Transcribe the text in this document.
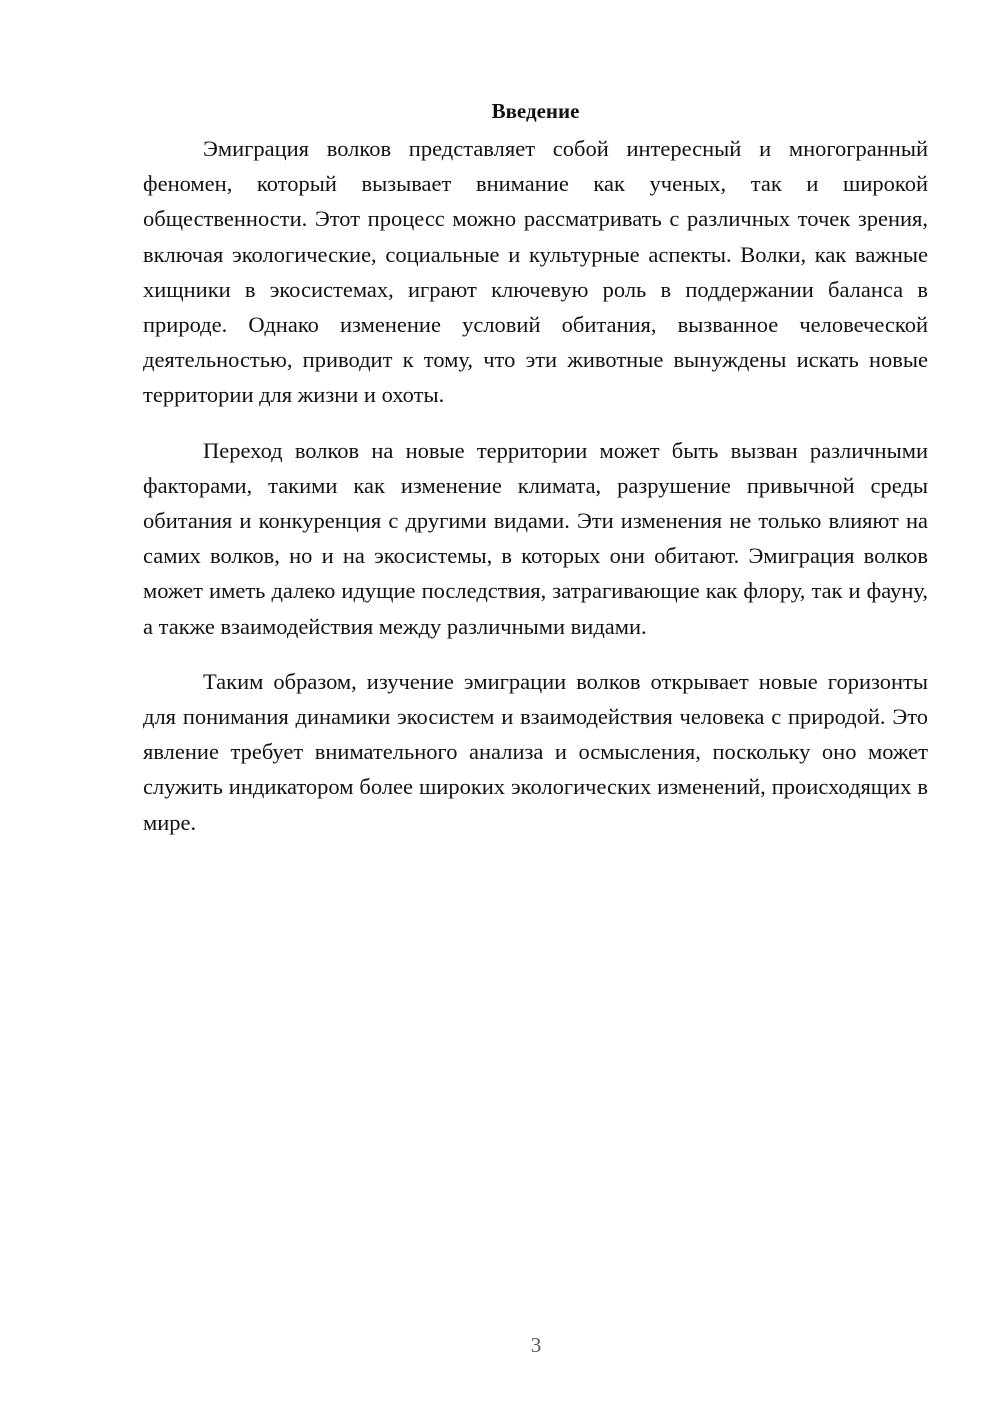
Введение

Эмиграция волков представляет собой интересный и многогранный феномен, который вызывает внимание как ученых, так и широкой общественности. Этот процесс можно рассматривать с различных точек зрения, включая экологические, социальные и культурные аспекты. Волки, как важные хищники в экосистемах, играют ключевую роль в поддержании баланса в природе. Однако изменение условий обитания, вызванное человеческой деятельностью, приводит к тому, что эти животные вынуждены искать новые территории для жизни и охоты.

Переход волков на новые территории может быть вызван различными факторами, такими как изменение климата, разрушение привычной среды обитания и конкуренция с другими видами. Эти изменения не только влияют на самих волков, но и на экосистемы, в которых они обитают. Эмиграция волков может иметь далеко идущие последствия, затрагивающие как флору, так и фауну, а также взаимодействия между различными видами.

Таким образом, изучение эмиграции волков открывает новые горизонты для понимания динамики экосистем и взаимодействия человека с природой. Это явление требует внимательного анализа и осмысления, поскольку оно может служить индикатором более широких экологических изменений, происходящих в мире.

3
